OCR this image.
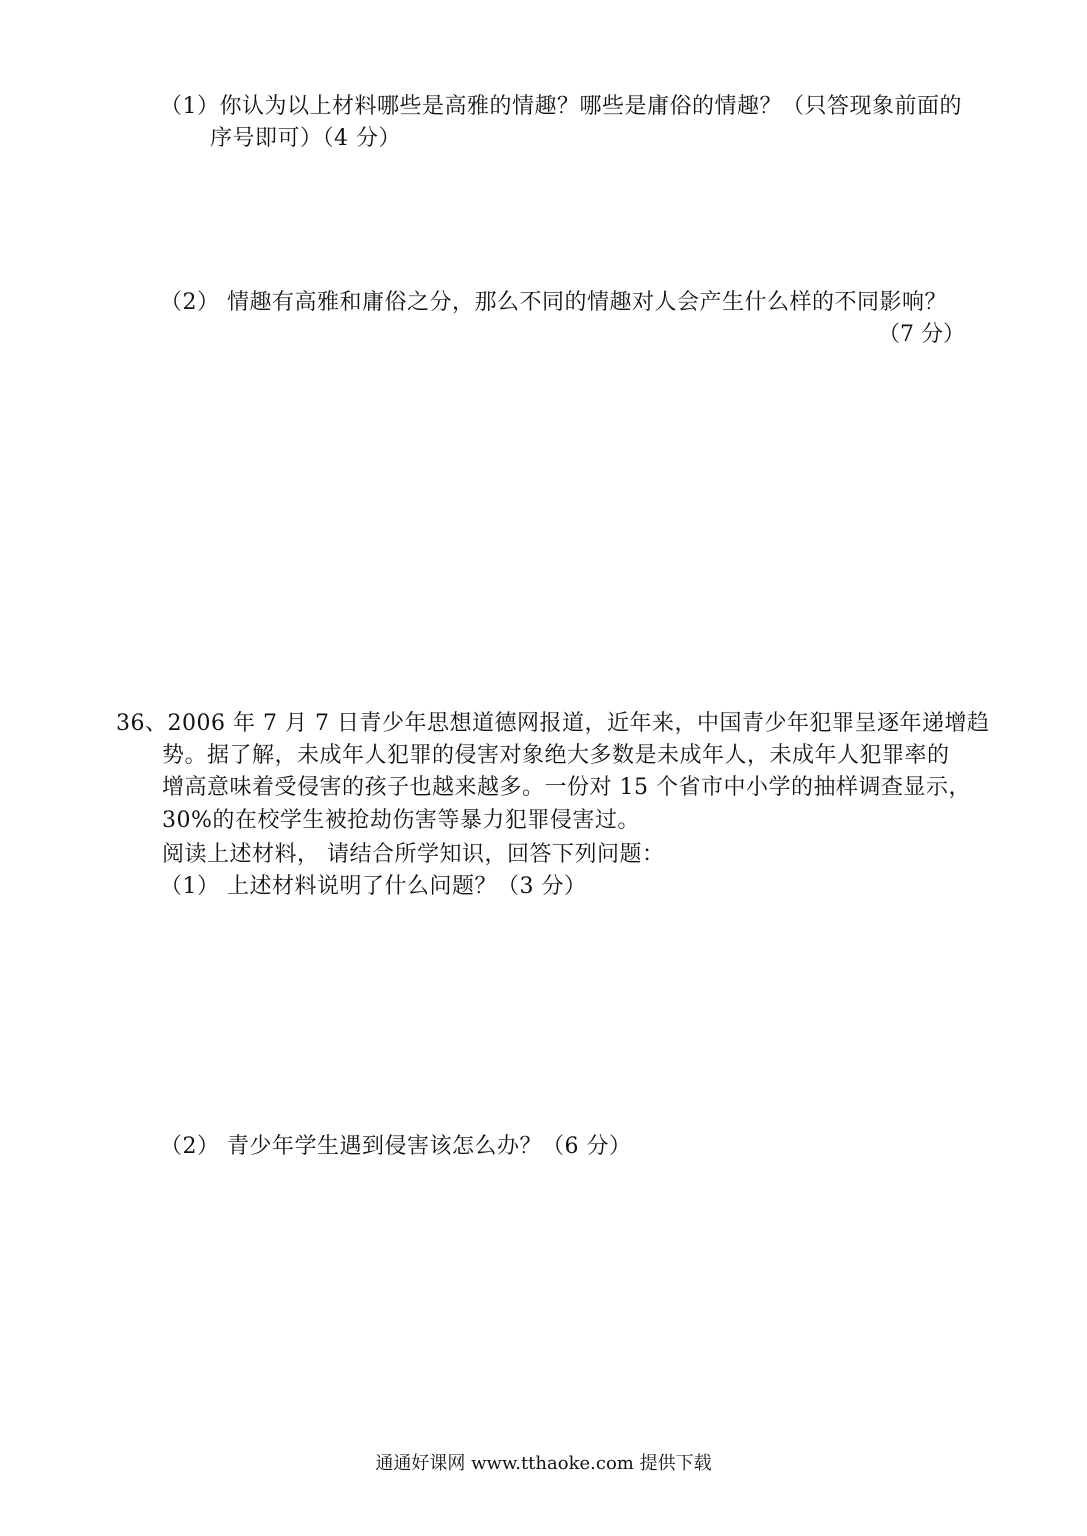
（1）你认为以上材料哪些是高雅的情趣？哪些是庸俗的情趣？（只答现象前面的
序号即可）（4 分）
（2） 情趣有高雅和庸俗之分，那么不同的情趣对人会产生什么样的不同影响？
（7 分）
36、2006 年 7 月 7 日青少年思想道德网报道，近年来，中国青少年犯罪呈逐年递增趋
势。据了解，未成年人犯罪的侵害对象绝大多数是未成年人，未成年人犯罪率的
增高意味着受侵害的孩子也越来越多。一份对 15 个省市中小学的抽样调查显示，
30%的在校学生被抢劫伤害等暴力犯罪侵害过。
阅读上述材料， 请结合所学知识，回答下列问题：
（1） 上述材料说明了什么问题？（3 分）
（2） 青少年学生遇到侵害该怎么办？（6 分）
通通好课网 www.tthaoke.com 提供下载
